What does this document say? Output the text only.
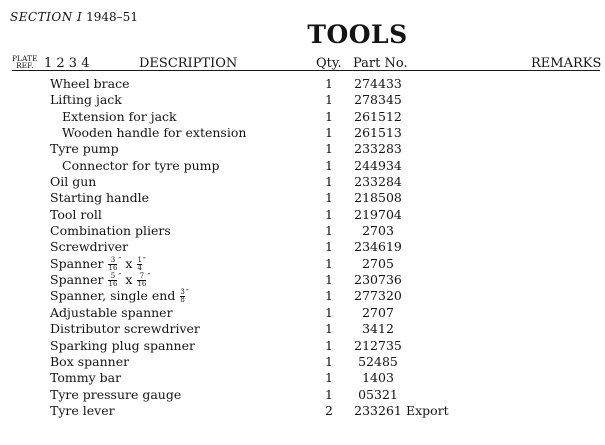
SECTION I 1948–51
TOOLS
PLATE
REF. 1 2 3 4	DESCRIPTION	Qty. Part No.	REMARKS
Wheel brace	1 274433
Lifting jack	1 278345
Extension for jack	1 261512
Wooden handle for extension	1 261513
Tyre pump	1 233283
Connector for tyre pump	1 244934
Oil gun	1 233284
Starting handle	1 218508
Tool roll	1 219704
Combination pliers	1	2703
Screwdriver	1 234619
Spanner $\frac{3}{16} ''$ x $\frac{1}{4} ''$	1	2705
Spanner $\frac{5}{16} ''$ x $\frac{7}{16} ''$	1 230736
Spanner, single end $\frac{3}{8} ''$	1 277320
Adjustable spanner	1	2707
Distributor screwdriver	1	3412
Sparking plug spanner	1 212735
Box spanner	1	52485
Tommy bar	1	1403
Tyre pressure gauge	1	05321
Tyre lever	2 233261 Export
